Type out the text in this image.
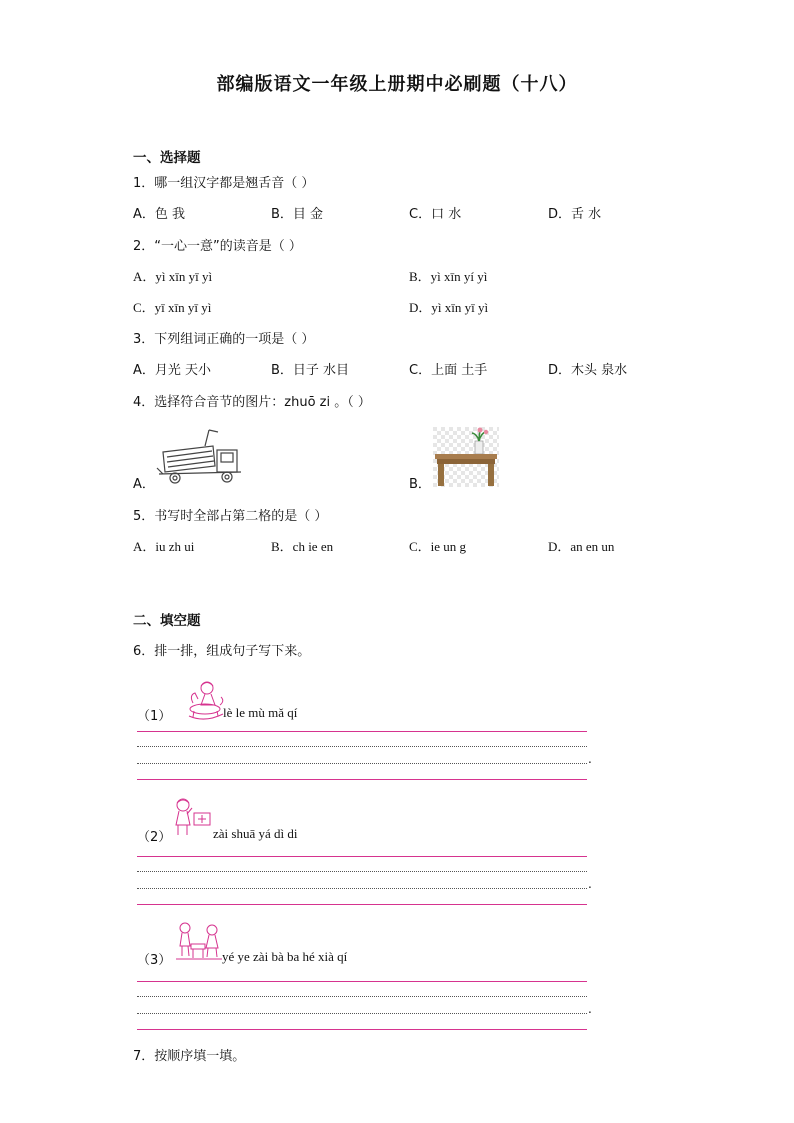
部编版语文一年级上册期中必刷题（十八）
一、选择题
1．哪一组汉字都是翘舌音（ ）
A．色 我	B．目 金	C．口 水	D．舌 水
2．“一心一意”的读音是（ ）
A．yì xīn yī yì	B．yì xīn yí yì
C．yī xīn yī yì	D．yì xīn yī yì
3．下列组词正确的一项是（ ）
A．月光 天小	B．日子 水目	C．上面 土手	D．木头 泉水
4．选择符合音节的图片：zhuō zi 。（ ）
A．	B．
5．书写时全部占第二格的是（ ）
A．iu zh ui	B．ch ie en	C．ie un g	D．an en un
二、填空题
6．排一排，组成句子写下来。
（1）	lè le mù mǎ qí
.
（2）	zài shuā yá dì di
.
（3）	yé ye zài bà ba hé xià qí
.
7．按顺序填一填。
